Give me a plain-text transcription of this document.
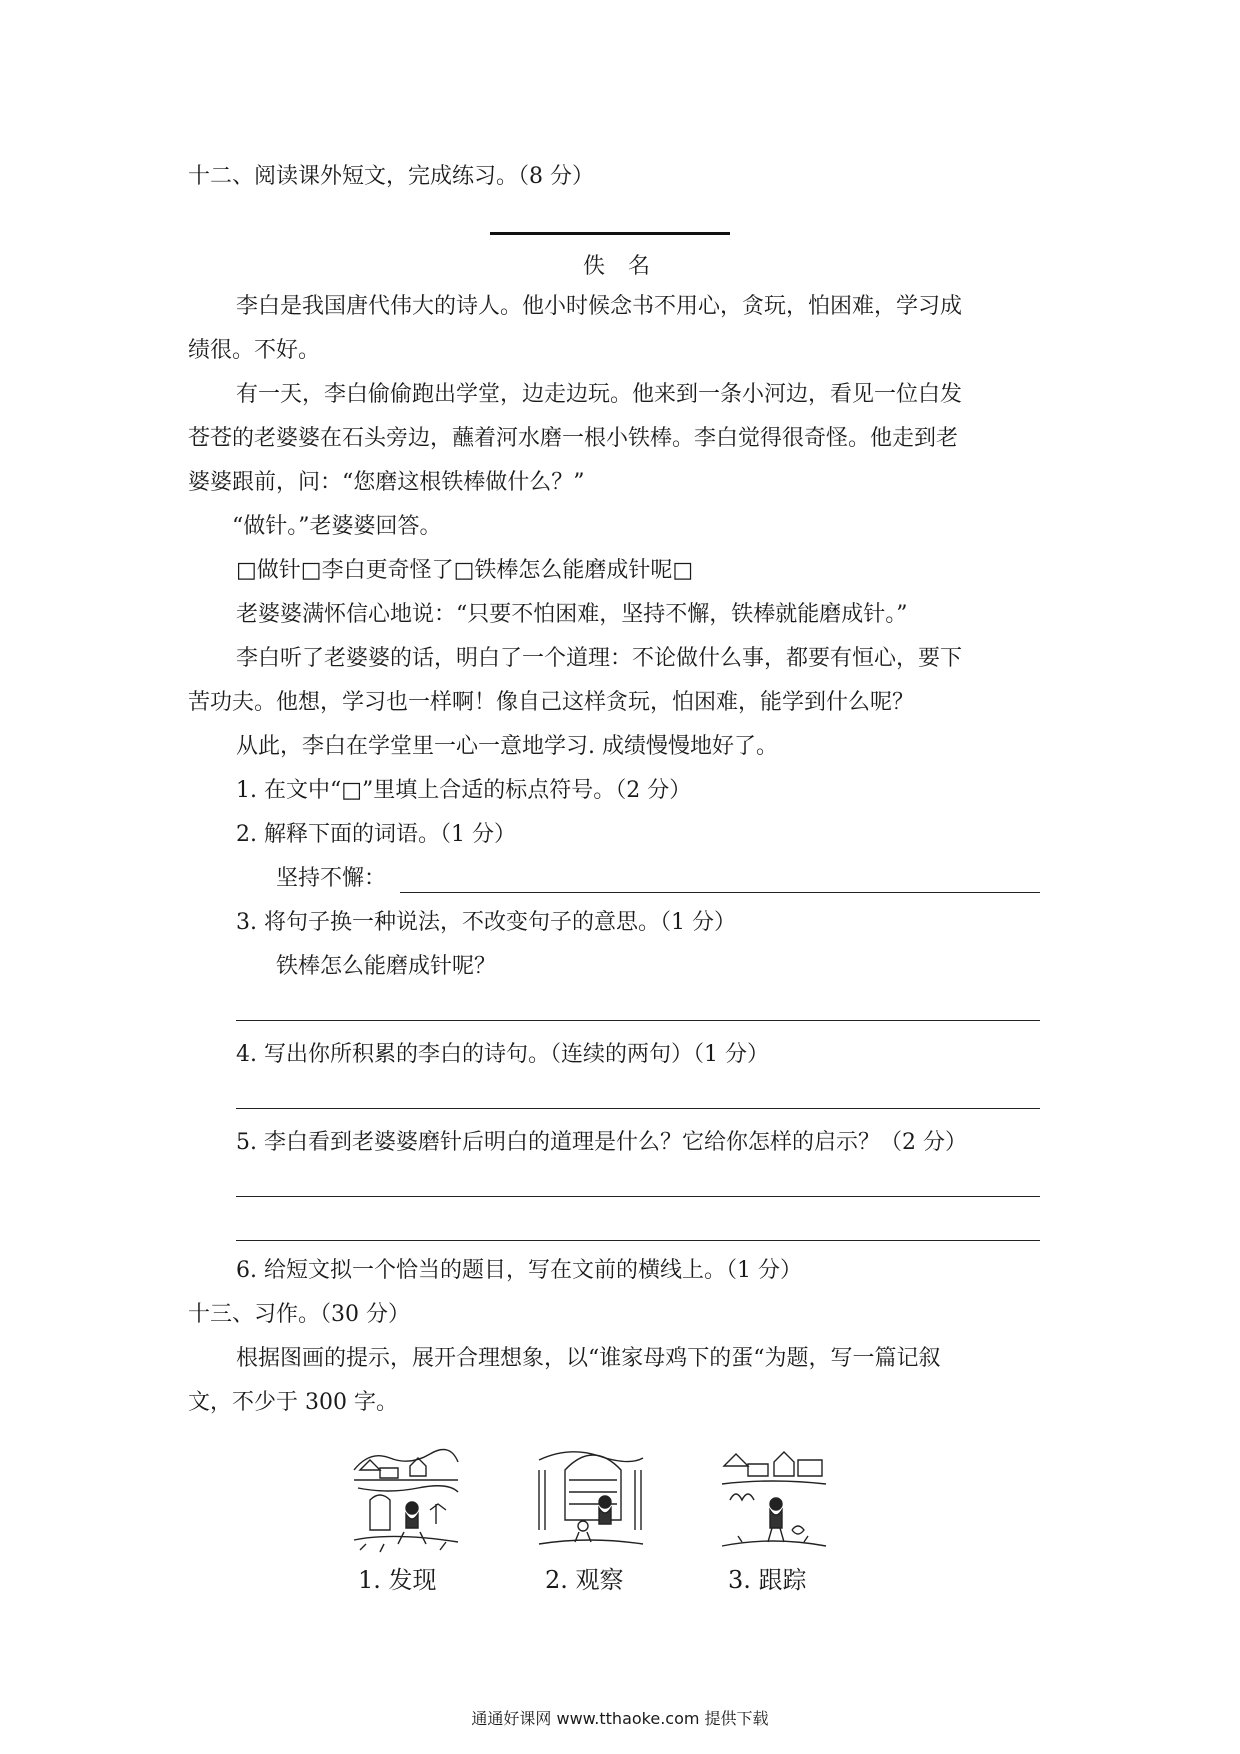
十二、阅读课外短文，完成练习。（8 分）
佚 名
李白是我国唐代伟大的诗人。他小时候念书不用心，贪玩，怕困难，学习成
绩很。不好。
有一天，李白偷偷跑出学堂，边走边玩。他来到一条小河边，看见一位白发
苍苍的老婆婆在石头旁边，蘸着河水磨一根小铁棒。李白觉得很奇怪。他走到老
婆婆跟前，问：“您磨这根铁棒做什么？”
“做针。”老婆婆回答。
□做针□李白更奇怪了□铁棒怎么能磨成针呢□
老婆婆满怀信心地说：“只要不怕困难，坚持不懈，铁棒就能磨成针。”
李白听了老婆婆的话，明白了一个道理：不论做什么事，都要有恒心，要下
苦功夫。他想，学习也一样啊！像自己这样贪玩，怕困难，能学到什么呢？
从此，李白在学堂里一心一意地学习. 成绩慢慢地好了。
1. 在文中“□”里填上合适的标点符号。（2 分）
2. 解释下面的词语。（1 分）
坚持不懈：
3. 将句子换一种说法，不改变句子的意思。（1 分）
铁棒怎么能磨成针呢？
4. 写出你所积累的李白的诗句。（连续的两句）（1 分）
5. 李白看到老婆婆磨针后明白的道理是什么？它给你怎样的启示？（2 分）
6. 给短文拟一个恰当的题目，写在文前的横线上。（1 分）
十三、习作。（30 分）
根据图画的提示，展开合理想象，以“谁家母鸡下的蛋“为题，写一篇记叙
文，不少于 300 字。
1. 发现	2. 观察	3. 跟踪
通通好课网 www.tthaoke.com 提供下载
